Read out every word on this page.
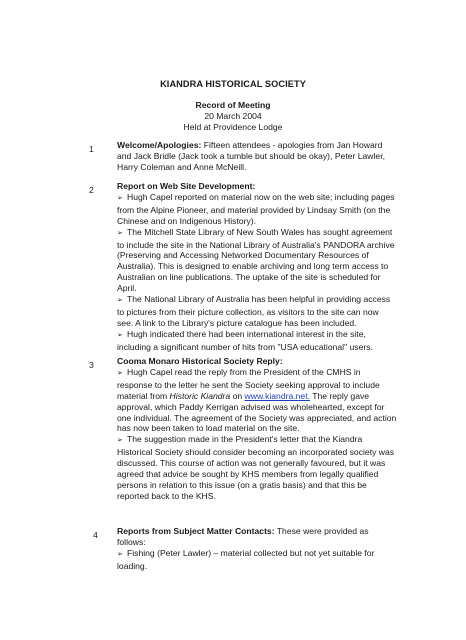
KIANDRA HISTORICAL SOCIETY
Record of Meeting
20 March 2004
Held at Providence Lodge
1	Welcome/Apologies: Fifteen attendees - apologies from Jan Howard and Jack Bridle (Jack took a tumble but should be okay), Peter Lawler, Harry Coleman and Anne McNeill.

2	Report on Web Site Development:

➢ Hugh Capel reported on material now on the web site; including pages from the Alpine Pioneer, and material provided by Lindsay Smith (on the Chinese and on Indigenous History).

➢ The Mitchell State Library of New South Wales has sought agreement to include the site in the National Library of Australia's PANDORA archive (Preserving and Accessing Networked Documentary Resources of Australia). This is designed to enable archiving and long term access to Australian on line publications. The uptake of the site is scheduled for April.

➢ The National Library of Australia has been helpful in providing access to pictures from their picture collection, as visitors to the site can now see. A link to the Library's picture catalogue has been included.

➢ Hugh indicated there had been international interest in the site, including a significant number of hits from "USA educational" users.

3	Cooma Monaro Historical Society Reply:

➢ Hugh Capel read the reply from the President of the CMHS in response to the letter he sent the Society seeking approval to include material from Historic Kiandra on www.kiandra.net. The reply gave approval, which Paddy Kerrigan advised was wholehearted, except for one individual. The agreement of the Society was appreciated, and action has now been taken to load material on the site.

➢ The suggestion made in the President's letter that the Kiandra Historical Society should consider becoming an incorporated society was discussed. This course of action was not generally favoured, but it was agreed that advice be sought by KHS members from legally qualified persons in relation to this issue (on a gratis basis) and that this be reported back to the KHS.

4 Reports from Subject Matter Contacts: These were provided as follows:

➢ Fishing (Peter Lawler) – material collected but not yet suitable for loading.
